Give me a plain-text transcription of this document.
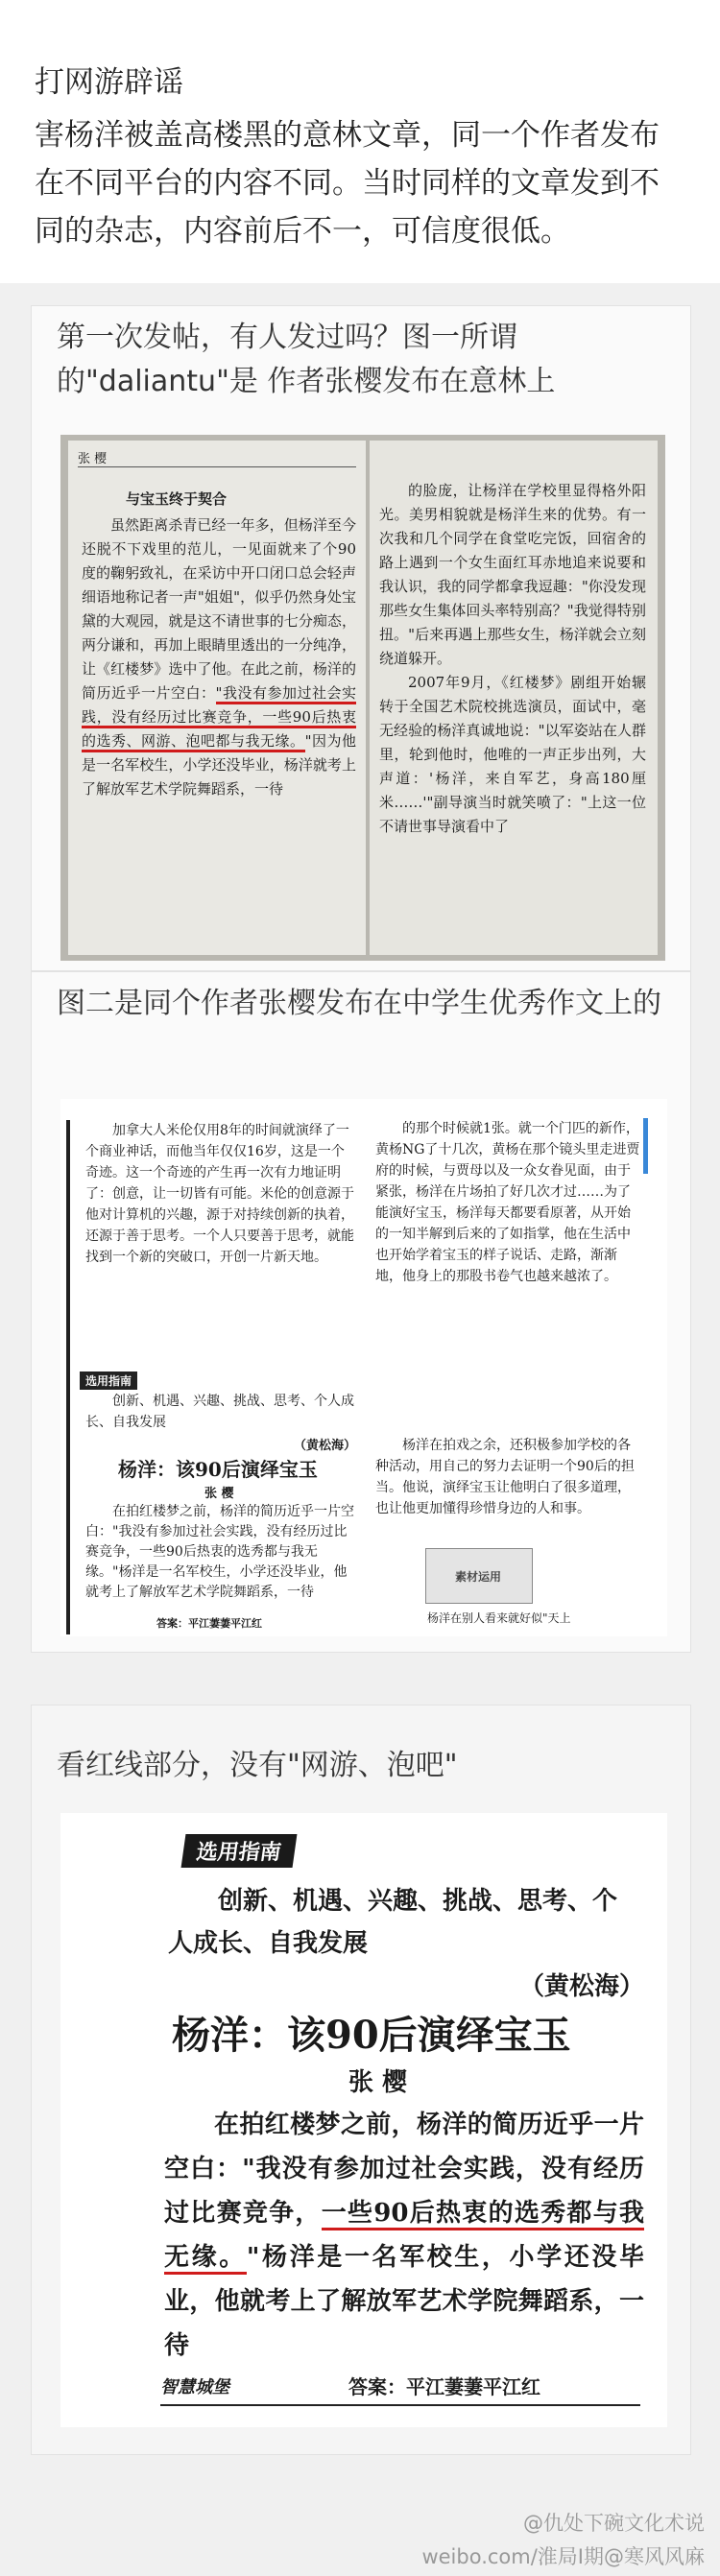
打网游辟谣
害杨洋被盖高楼黑的意林文章，同一个作者发布在不同平台的内容不同。当时同样的文章发到不同的杂志，内容前后不一，可信度很低。
第一次发帖，有人发过吗？图一所谓的"daliantu"是 作者张樱发布在意林上
张 樱
与宝玉终于契合

虽然距离杀青已经一年多，但杨洋至今还脱不下戏里的范儿，一见面就来了个90度的鞠躬致礼，在采访中开口闭口总会轻声细语地称记者一声"姐姐"，似乎仍然身处宝黛的大观园，就是这不请世事的七分痴态，两分谦和，再加上眼睛里透出的一分纯净，让《红楼梦》选中了他。在此之前，杨洋的简历近乎一片空白："我没有参加过社会实践，没有经历过比赛竞争，一些90后热衷的选秀、网游、泡吧都与我无缘。"因为他是一名军校生，小学还没毕业，杨洋就考上了解放军艺术学院舞蹈系，一待

的脸庞，让杨洋在学校里显得格外阳光。美男相貌就是杨洋生来的优势。有一次我和几个同学在食堂吃完饭，回宿舍的路上遇到一个女生面红耳赤地追来说要和我认识，我的同学都拿我逗趣："你没发现那些女生集体回头率特别高？"我觉得特别扭。"后来再遇上那些女生，杨洋就会立刻绕道躲开。

2007年9月，《红楼梦》剧组开始辗转于全国艺术院校挑选演员，面试中，毫无经验的杨洋真诚地说："以军姿站在人群里，轮到他时，他唯的一声正步出列，大声道：'杨洋，来自军艺，身高180厘米……'"副导演当时就笑喷了："上这一位不请世事导演看中了

图二是同个作者张樱发布在中学生优秀作文上的
加拿大人米伦仅用8年的时间就演绎了一个商业神话，而他当年仅仅16岁，这是一个奇迹。这一个奇迹的产生再一次有力地证明了：创意，让一切皆有可能。米伦的创意源于他对计算机的兴趣，源于对持续创新的执着，还源于善于思考。一个人只要善于思考，就能找到一个新的突破口，开创一片新天地。
选用指南
创新、机遇、兴趣、挑战、思考、个人成长、自我发展
（黄松海）
杨洋：该90后演绎宝玉
张 樱
在拍红楼梦之前，杨洋的简历近乎一片空白："我没有参加过社会实践，没有经历过比赛竞争，一些90后热衷的选秀都与我无缘。"杨洋是一名军校生，小学还没毕业，他就考上了解放军艺术学院舞蹈系，一待
答案：平江萋萋平江红
的那个时候就1张。就一个门匹的新作，黄杨NG了十几次，黄杨在那个镜头里走进贾府的时候，与贾母以及一众女眷见面，由于紧张，杨洋在片场拍了好几次才过……为了能演好宝玉，杨洋每天都要看原著，从开始的一知半解到后来的了如指掌，他在生活中也开始学着宝玉的样子说话、走路，渐渐地，他身上的那股书卷气也越来越浓了。
杨洋在拍戏之余，还积极参加学校的各种活动，用自己的努力去证明一个90后的担当。他说，演绎宝玉让他明白了很多道理，也让他更加懂得珍惜身边的人和事。
素材运用
杨洋在别人看来就好似"天上
看红线部分，没有"网游、泡吧"
选用指南
创新、机遇、兴趣、挑战、思考、个人成长、自我发展
（黄松海）
杨洋：该90后演绎宝玉
张 樱

在拍红楼梦之前，杨洋的简历近乎一片空白："我没有参加过社会实践，没有经历过比赛竞争，一些90后热衷的选秀都与我无缘。"杨洋是一名军校生，小学还没毕业，他就考上了解放军艺术学院舞蹈系，一待

智慧城堡	答案：平江萋萋平江红
@仇处下碗文化术说
weibo.com/淮局Ⅰ期@寒风风麻
